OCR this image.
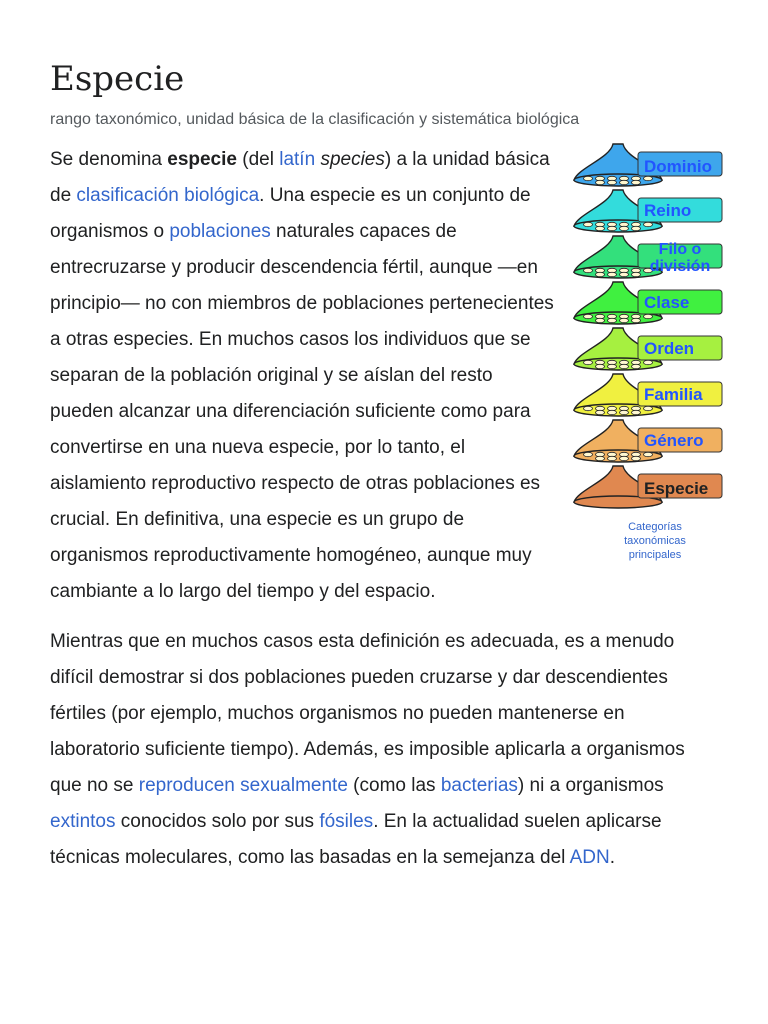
Especie
rango taxonómico, unidad básica de la clasificación y sistemática biológica
Dominio
Reino
Filo o
división
Clase
Orden
Familia
Género
Especie
Categorías taxonómicas principales

Se denomina especie (del latín species) a la unidad básica de clasificación biológica. Una especie es un conjunto de organismos o poblaciones naturales capaces de entrecruzarse y producir descendencia fértil, aunque —en principio— no con miembros de poblaciones pertenecientes a otras especies. En muchos casos los individuos que se separan de la población original y se aíslan del resto pueden alcanzar una diferenciación suficiente como para convertirse en una nueva especie, por lo tanto, el aislamiento reproductivo respecto de otras poblaciones es crucial. En definitiva, una especie es un grupo de organismos reproductivamente homogéneo, aunque muy cambiante a lo largo del tiempo y del espacio.

Mientras que en muchos casos esta definición es adecuada, es a menudo difícil demostrar si dos poblaciones pueden cruzarse y dar descendientes fértiles (por ejemplo, muchos organismos no pueden mantenerse en laboratorio suficiente tiempo). Además, es imposible aplicarla a organismos que no se reproducen sexualmente (como las bacterias) ni a organismos extintos conocidos solo por sus fósiles. En la actualidad suelen aplicarse técnicas moleculares, como las basadas en la semejanza del ADN.
